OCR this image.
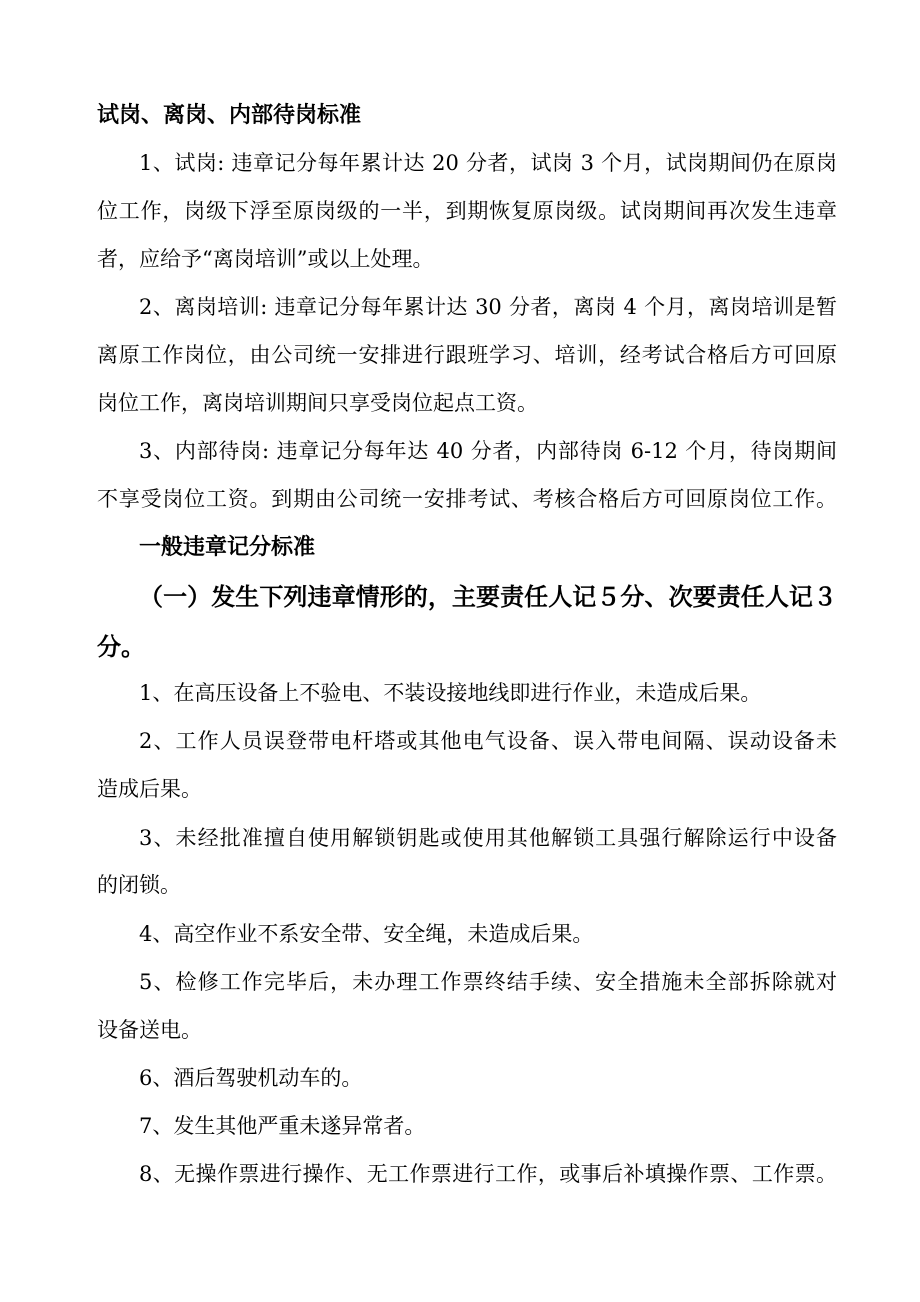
试岗、离岗、内部待岗标准
1、试岗: 违章记分每年累计达 20 分者，试岗 3 个月，试岗期间仍在原岗
位工作，岗级下浮至原岗级的一半，到期恢复原岗级。试岗期间再次发生违章
者，应给予“离岗培训”或以上处理。
2、离岗培训: 违章记分每年累计达 30 分者，离岗 4 个月，离岗培训是暂
离原工作岗位，由公司统一安排进行跟班学习、培训，经考试合格后方可回原
岗位工作，离岗培训期间只享受岗位起点工资。
3、内部待岗: 违章记分每年达 40 分者，内部待岗 6-12 个月，待岗期间
不享受岗位工资。到期由公司统一安排考试、考核合格后方可回原岗位工作。
一般违章记分标准
（一）发生下列违章情形的，主要责任人记５分、次要责任人记３
分。
1、在高压设备上不验电、不装设接地线即进行作业，未造成后果。
2、工作人员误登带电杆塔或其他电气设备、误入带电间隔、误动设备未
造成后果。
3、未经批准擅自使用解锁钥匙或使用其他解锁工具强行解除运行中设备
的闭锁。
4、高空作业不系安全带、安全绳，未造成后果。
5、检修工作完毕后，未办理工作票终结手续、安全措施未全部拆除就对
设备送电。
6、酒后驾驶机动车的。
7、发生其他严重未遂异常者。
8、无操作票进行操作、无工作票进行工作，或事后补填操作票、工作票。
